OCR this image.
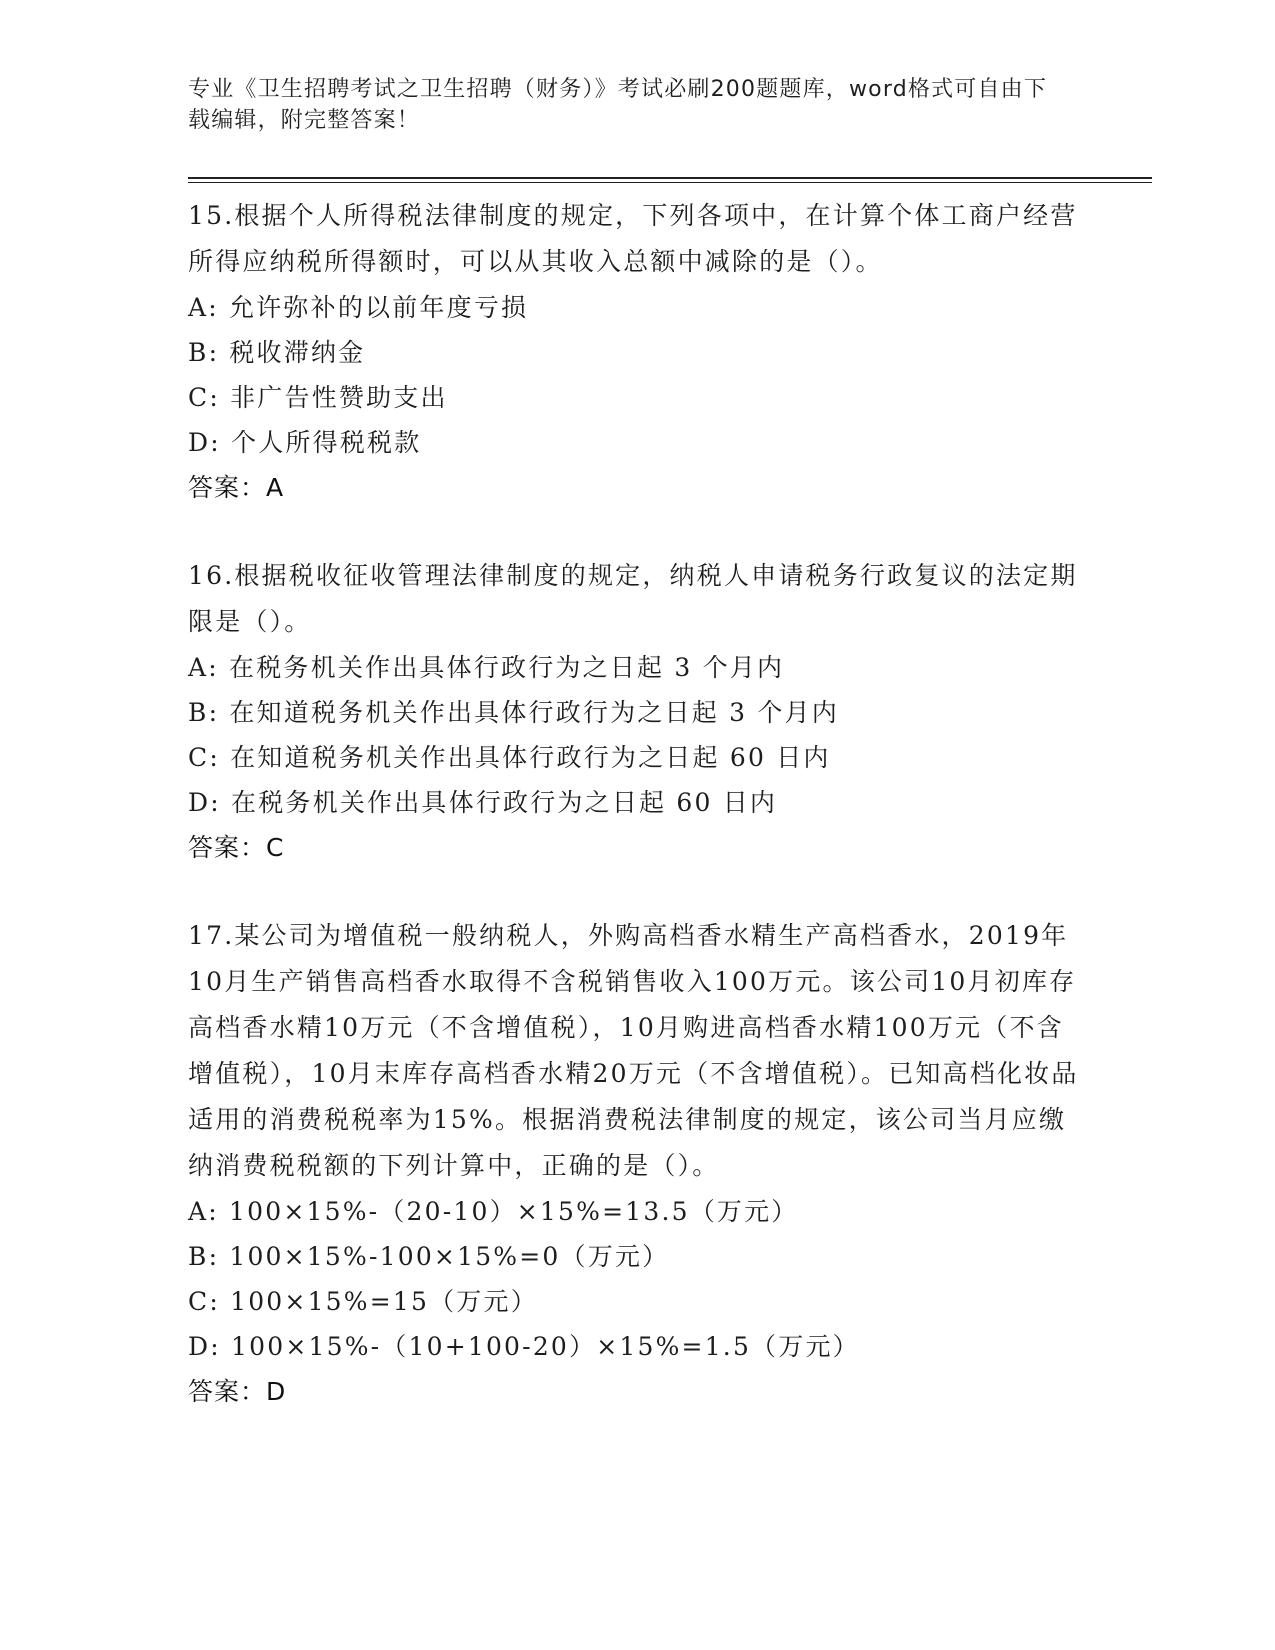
专业《卫生招聘考试之卫生招聘（财务）》考试必刷200题题库，word格式可自由下载编辑，附完整答案！
15.根据个人所得税法律制度的规定，下列各项中，在计算个体工商户经营所得应纳税所得额时，可以从其收入总额中减除的是（）。
A: 允许弥补的以前年度亏损
B: 税收滞纳金
C: 非广告性赞助支出
D: 个人所得税税款
答案：A
16.根据税收征收管理法律制度的规定，纳税人申请税务行政复议的法定期限是（）。
A: 在税务机关作出具体行政行为之日起 3 个月内
B: 在知道税务机关作出具体行政行为之日起 3 个月内
C: 在知道税务机关作出具体行政行为之日起 60 日内
D: 在税务机关作出具体行政行为之日起 60 日内
答案：C
17.某公司为增值税一般纳税人，外购高档香水精生产高档香水，2019年10月生产销售高档香水取得不含税销售收入100万元。该公司10月初库存高档香水精10万元（不含增值税），10月购进高档香水精100万元（不含增值税），10月末库存高档香水精20万元（不含增值税）。已知高档化妆品适用的消费税税率为15%。根据消费税法律制度的规定，该公司当月应缴纳消费税税额的下列计算中，正确的是（）。
A: 100×15%-（20-10）×15%=13.5（万元）
B: 100×15%-100×15%=0（万元）
C: 100×15%=15（万元）
D: 100×15%-（10+100-20）×15%=1.5（万元）
答案：D
